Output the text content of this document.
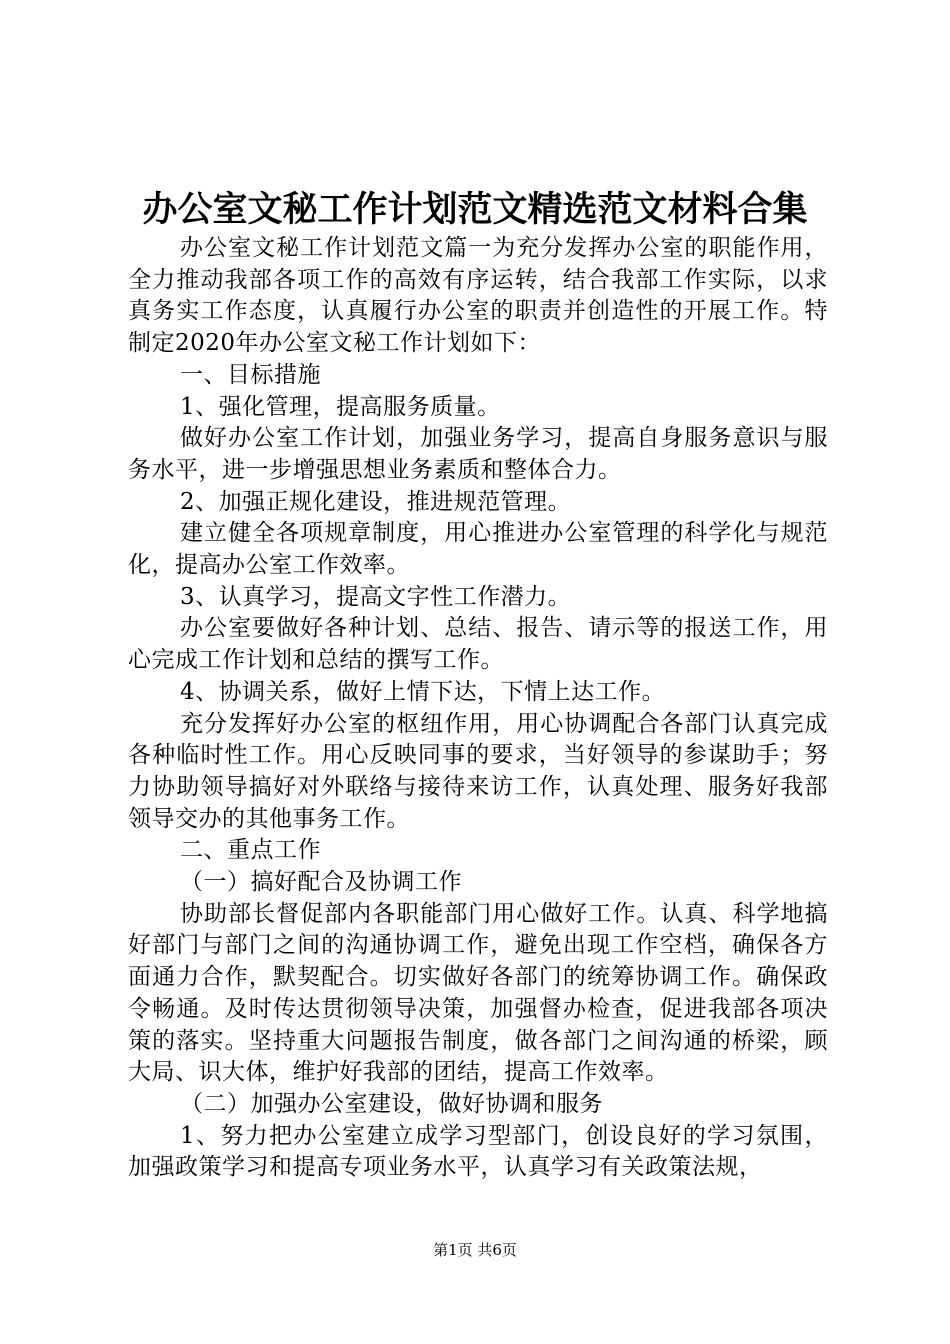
办公室文秘工作计划范文精选范文材料合集

办公室文秘工作计划范文篇一为充分发挥办公室的职能作用，全力推动我部各项工作的高效有序运转，结合我部工作实际，以求真务实工作态度，认真履行办公室的职责并创造性的开展工作。特制定2020年办公室文秘工作计划如下：

一、目标措施

1、强化管理，提高服务质量。

做好办公室工作计划，加强业务学习，提高自身服务意识与服务水平，进一步增强思想业务素质和整体合力。

2、加强正规化建设，推进规范管理。

建立健全各项规章制度，用心推进办公室管理的科学化与规范化，提高办公室工作效率。

3、认真学习，提高文字性工作潜力。

办公室要做好各种计划、总结、报告、请示等的报送工作，用心完成工作计划和总结的撰写工作。

4、协调关系，做好上情下达，下情上达工作。

充分发挥好办公室的枢纽作用，用心协调配合各部门认真完成各种临时性工作。用心反映同事的要求，当好领导的参谋助手；努力协助领导搞好对外联络与接待来访工作，认真处理、服务好我部领导交办的其他事务工作。

二、重点工作

（一）搞好配合及协调工作

协助部长督促部内各职能部门用心做好工作。认真、科学地搞好部门与部门之间的沟通协调工作，避免出现工作空档，确保各方面通力合作，默契配合。切实做好各部门的统筹协调工作。确保政令畅通。及时传达贯彻领导决策，加强督办检查，促进我部各项决策的落实。坚持重大问题报告制度，做各部门之间沟通的桥梁，顾大局、识大体，维护好我部的团结，提高工作效率。

（二）加强办公室建设，做好协调和服务

1、努力把办公室建立成学习型部门，创设良好的学习氛围，加强政策学习和提高专项业务水平，认真学习有关政策法规，

第1页 共6页
